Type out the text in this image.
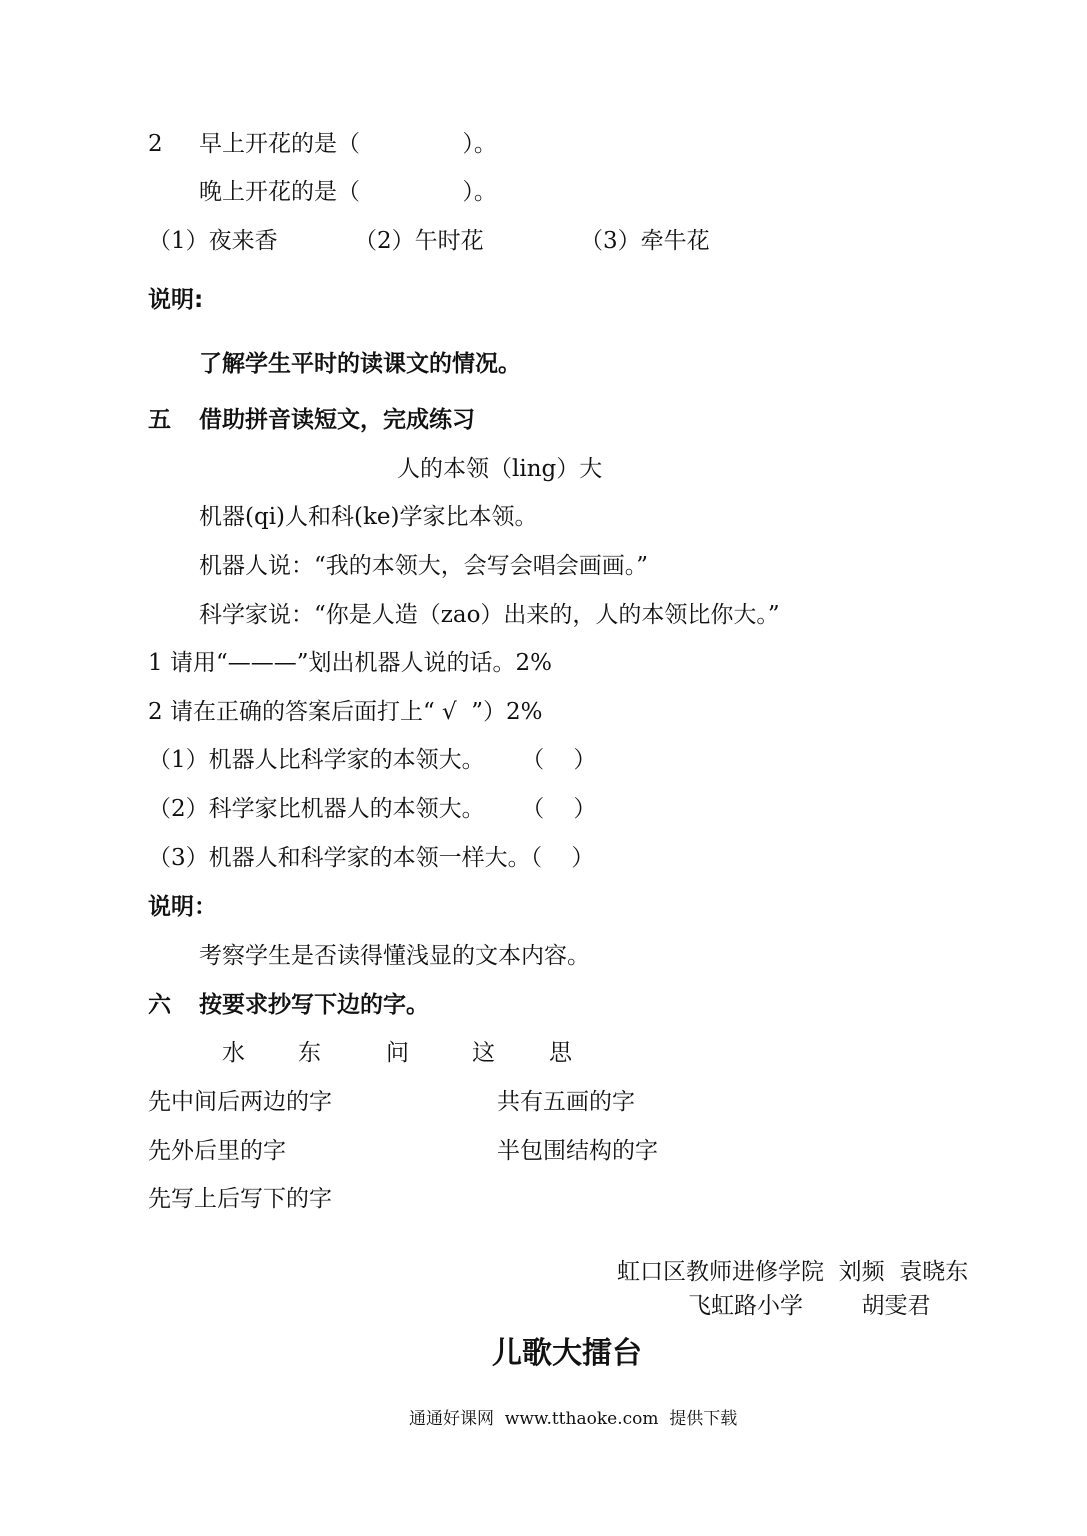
2 早上开花的是（              ）。
晚上开花的是（              ）。
（1）夜来香	（2）午时花	（3）牵牛花
说明:
了解学生平时的读课文的情况。
五 借助拼音读短文，完成练习
人的本领（ling）大
机器(qi)人和科(ke)学家比本领。
机器人说：“我的本领大，会写会唱会画画。”
科学家说：“你是人造（zao）出来的，人的本领比你大。”
1 请用“———”划出机器人说的话。2%
2 请在正确的答案后面打上“ √  ”）2%
（1）机器人比科学家的本领大。     （    ）
（2）科学家比机器人的本领大。     （    ）
（3）机器人和科学家的本领一样大。（    ）
说明：
考察学生是否读得懂浅显的文本内容。
六 按要求抄写下边的字。
水 东	问	这 思
先中间后两边的字	共有五画的字
先外后里的字	半包围结构的字
先写上后写下的字
虹口区教师进修学院  刘频  袁晓东
飞虹路小学        胡雯君
儿歌大擂台
通通好课网  www.tthaoke.com  提供下载
